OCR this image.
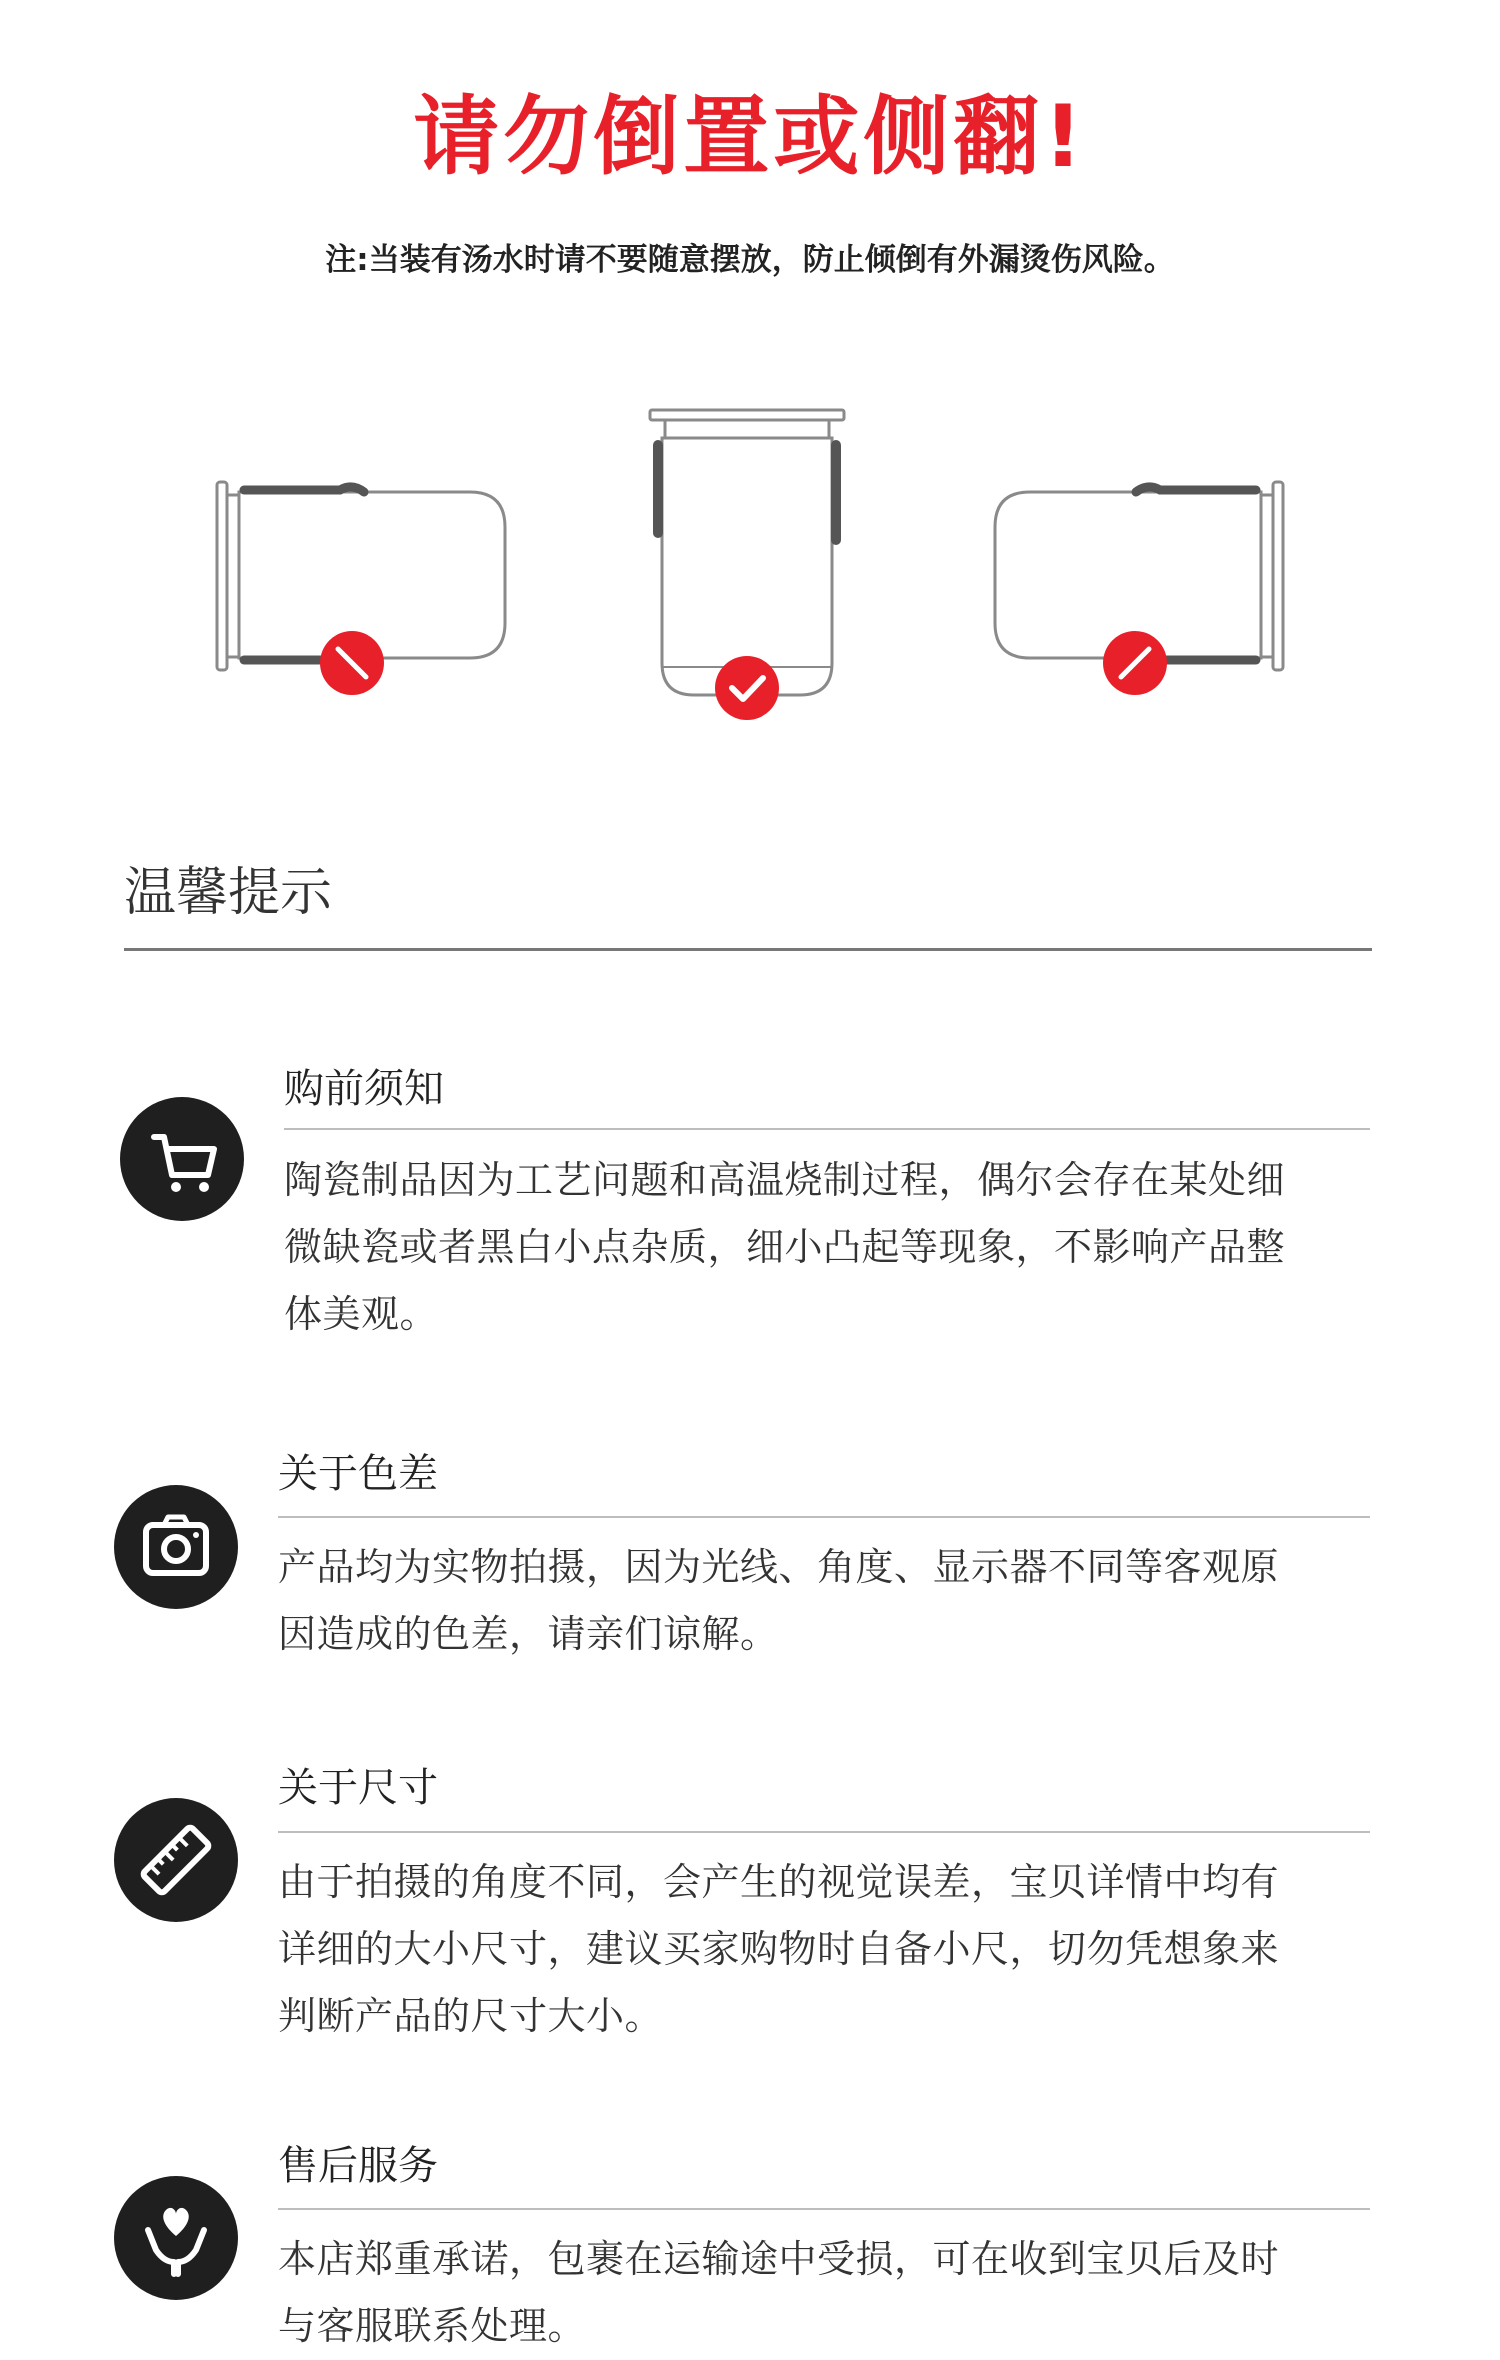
请勿倒置或侧翻!
注:当装有汤水时请不要随意摆放，防止倾倒有外漏烫伤风险。
温馨提示
购前须知
陶瓷制品因为工艺问题和高温烧制过程，偶尔会存在某处细
微缺瓷或者黑白小点杂质，细小凸起等现象，不影响产品整
体美观。
关于色差
产品均为实物拍摄，因为光线、角度、显示器不同等客观原
因造成的色差，请亲们谅解。
关于尺寸
由于拍摄的角度不同，会产生的视觉误差，宝贝详情中均有
详细的大小尺寸，建议买家购物时自备小尺，切勿凭想象来
判断产品的尺寸大小。
售后服务
本店郑重承诺，包裹在运输途中受损，可在收到宝贝后及时
与客服联系处理。
